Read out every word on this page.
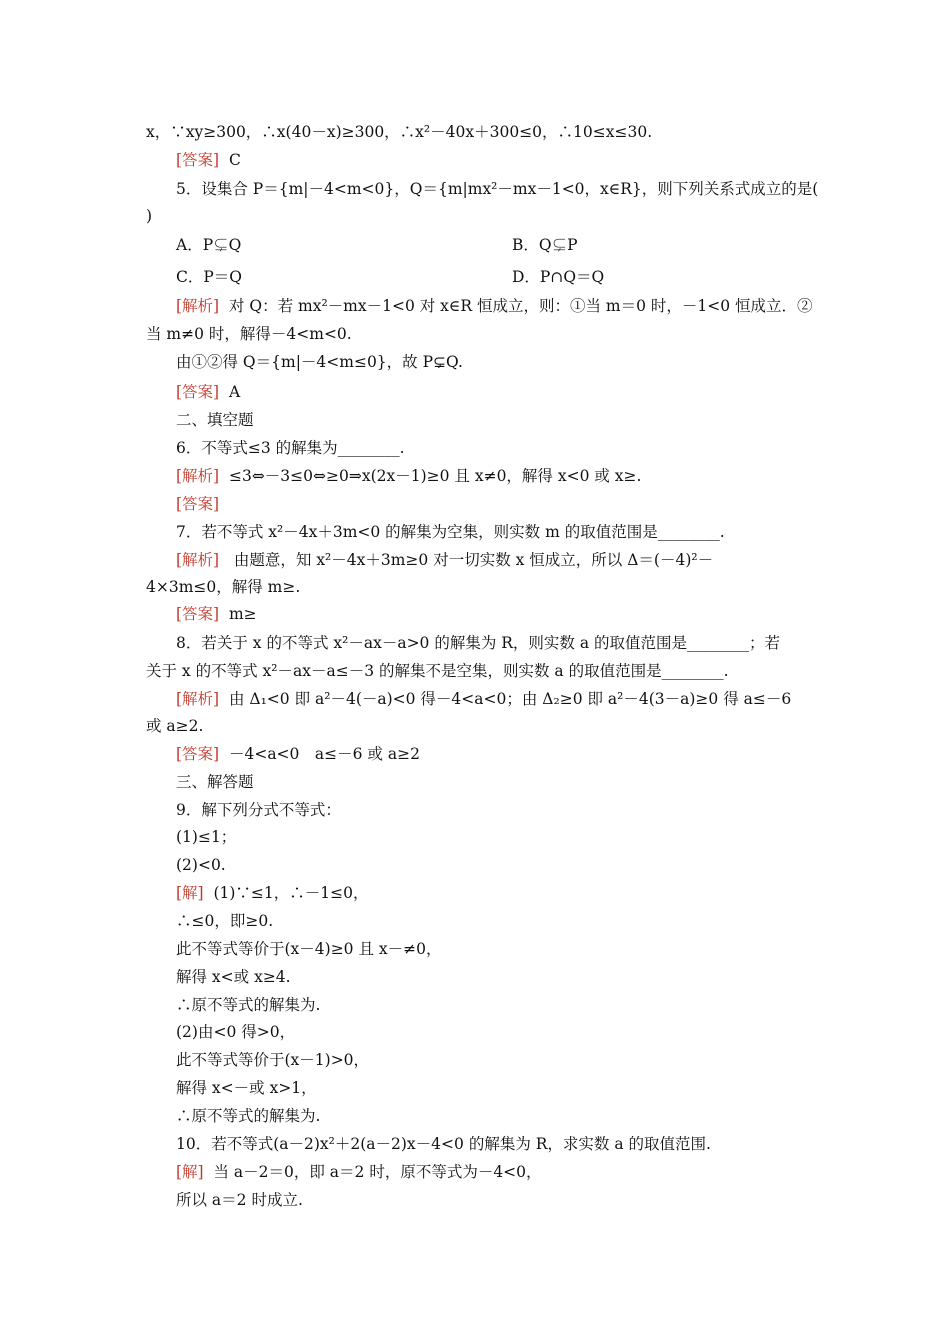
x，∵xy≥300，∴x(40－x)≥300，∴x²－40x＋300≤0，∴10≤x≤30.
[答案] C
5．设集合 P＝{m|－4<m<0}，Q＝{m|mx²－mx－1<0，x∈R}，则下列关系式成立的是(
)
A．P⊊Q	B．Q⊊P
C．P＝Q	D．P∩Q＝Q
[解析] 对 Q：若 mx²－mx－1<0 对 x∈R 恒成立，则：①当 m＝0 时，－1<0 恒成立．②
当 m≠0 时，解得－4<m<0.
由①②得 Q＝{m|－4<m≤0}，故 P⊊Q.
[答案] A
二、填空题
6．不等式≤3 的解集为________.
[解析] ≤3⇔－3≤0⇔≥0⇒x(2x－1)≥0 且 x≠0，解得 x<0 或 x≥.
[答案]
7．若不等式 x²－4x＋3m<0 的解集为空集，则实数 m 的取值范围是________.
[解析] 由题意，知 x²－4x＋3m≥0 对一切实数 x 恒成立，所以 Δ＝(－4)²－
4×3m≤0，解得 m≥.
[答案] m≥
8．若关于 x 的不等式 x²－ax－a>0 的解集为 R，则实数 a 的取值范围是________；若
关于 x 的不等式 x²－ax－a≤－3 的解集不是空集，则实数 a 的取值范围是________.
[解析] 由 Δ₁<0 即 a²－4(－a)<0 得－4<a<0；由 Δ₂≥0 即 a²－4(3－a)≥0 得 a≤－6
或 a≥2.
[答案] －4<a<0　a≤－6 或 a≥2
三、解答题
9．解下列分式不等式：
(1)≤1；
(2)<0.
[解] (1)∵≤1，∴－1≤0，
∴≤0，即≥0.
此不等式等价于(x－4)≥0 且 x－≠0，
解得 x<或 x≥4.
∴原不等式的解集为.
(2)由<0 得>0，
此不等式等价于(x－1)>0，
解得 x<－或 x>1，
∴原不等式的解集为.
10．若不等式(a－2)x²＋2(a－2)x－4<0 的解集为 R，求实数 a 的取值范围.
[解] 当 a－2＝0，即 a＝2 时，原不等式为－4<0，
所以 a＝2 时成立.
